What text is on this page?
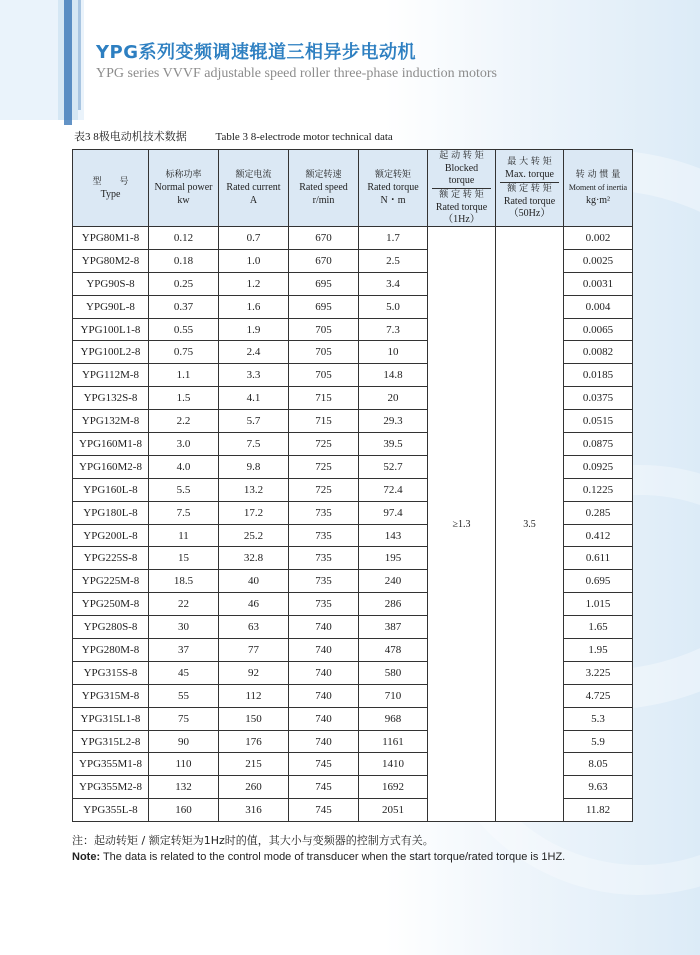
YPG系列变频调速辊道三相异步电动机
YPG series VVVF adjustable speed roller three-phase induction motors
表3 8极电动机技术数据	Table 3 8-electrode motor technical data
型　　号
Type	标称功率
Normal power
kw	额定电流
Rated current
A	额定转速
Rated speed
r/min	额定转矩
Rated torque
N・m	起 动 转 矩
Blocked torque
额 定 转 矩
Rated torque
（1Hz）	最 大 转 矩
Max. torque
额 定 转 矩
Rated torque
（50Hz）	转 动 惯 量
Moment of inertia
kg·m²

YPG80M1-8	0.12	0.7	670	1.7	≥1.3	3.5	0.002
YPG80M2-8	0.18	1.0	670	2.5			0.0025
YPG90S-8	0.25	1.2	695	3.4			0.0031
YPG90L-8	0.37	1.6	695	5.0			0.004
YPG100L1-8	0.55	1.9	705	7.3			0.0065
YPG100L2-8	0.75	2.4	705	10			0.0082
YPG112M-8	1.1	3.3	705	14.8			0.0185
YPG132S-8	1.5	4.1	715	20			0.0375
YPG132M-8	2.2	5.7	715	29.3			0.0515
YPG160M1-8	3.0	7.5	725	39.5			0.0875
YPG160M2-8	4.0	9.8	725	52.7			0.0925
YPG160L-8	5.5	13.2	725	72.4			0.1225
YPG180L-8	7.5	17.2	735	97.4			0.285
YPG200L-8	11	25.2	735	143			0.412
YPG225S-8	15	32.8	735	195			0.611
YPG225M-8	18.5	40	735	240			0.695
YPG250M-8	22	46	735	286			1.015
YPG280S-8	30	63	740	387			1.65
YPG280M-8	37	77	740	478			1.95
YPG315S-8	45	92	740	580			3.225
YPG315M-8	55	112	740	710			4.725
YPG315L1-8	75	150	740	968			5.3
YPG315L2-8	90	176	740	1161			5.9
YPG355M1-8	110	215	745	1410			8.05
YPG355M2-8	132	260	745	1692			9.63
YPG355L-8	160	316	745	2051			11.82
注：起动转矩 / 额定转矩为1Hz时的值，其大小与变频器的控制方式有关。
Note: The data is related to the control mode of transducer when the start torque/rated torque is 1HZ.
